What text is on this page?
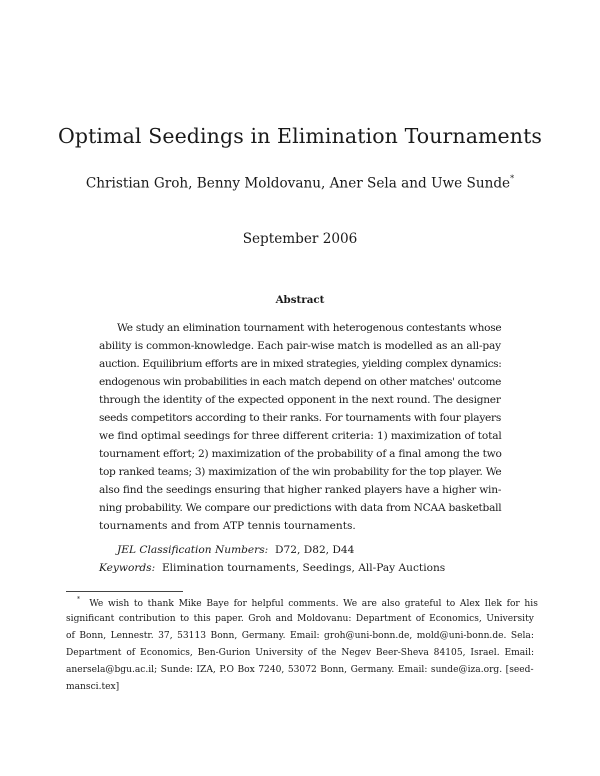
Optimal Seedings in Elimination Tournaments
Christian Groh, Benny Moldovanu, Aner Sela and Uwe Sunde*
September 2006
Abstract
We study an elimination tournament with heterogenous contestants whose
ability is common-knowledge. Each pair-wise match is modelled as an all-pay
auction. Equilibrium efforts are in mixed strategies, yielding complex dynamics:
endogenous win probabilities in each match depend on other matches' outcome
through the identity of the expected opponent in the next round. The designer
seeds competitors according to their ranks. For tournaments with four players
we find optimal seedings for three different criteria: 1) maximization of total
tournament effort; 2) maximization of the probability of a final among the two
top ranked teams; 3) maximization of the win probability for the top player. We
also find the seedings ensuring that higher ranked players have a higher win-
ning probability. We compare our predictions with data from NCAA basketball
tournaments and from ATP tennis tournaments.
JEL Classification Numbers: D72, D82, D44
Keywords: Elimination tournaments, Seedings, All-Pay Auctions
* We wish to thank Mike Baye for helpful comments. We are also grateful to Alex Ilek for his
significant contribution to this paper. Groh and Moldovanu: Department of Economics, University
of Bonn, Lennestr. 37, 53113 Bonn, Germany. Email: groh@uni-bonn.de, mold@uni-bonn.de. Sela:
Department of Economics, Ben-Gurion University of the Negev Beer-Sheva 84105, Israel. Email:
anersela@bgu.ac.il; Sunde: IZA, P.O Box 7240, 53072 Bonn, Germany. Email: sunde@iza.org. [seed-
mansci.tex]
